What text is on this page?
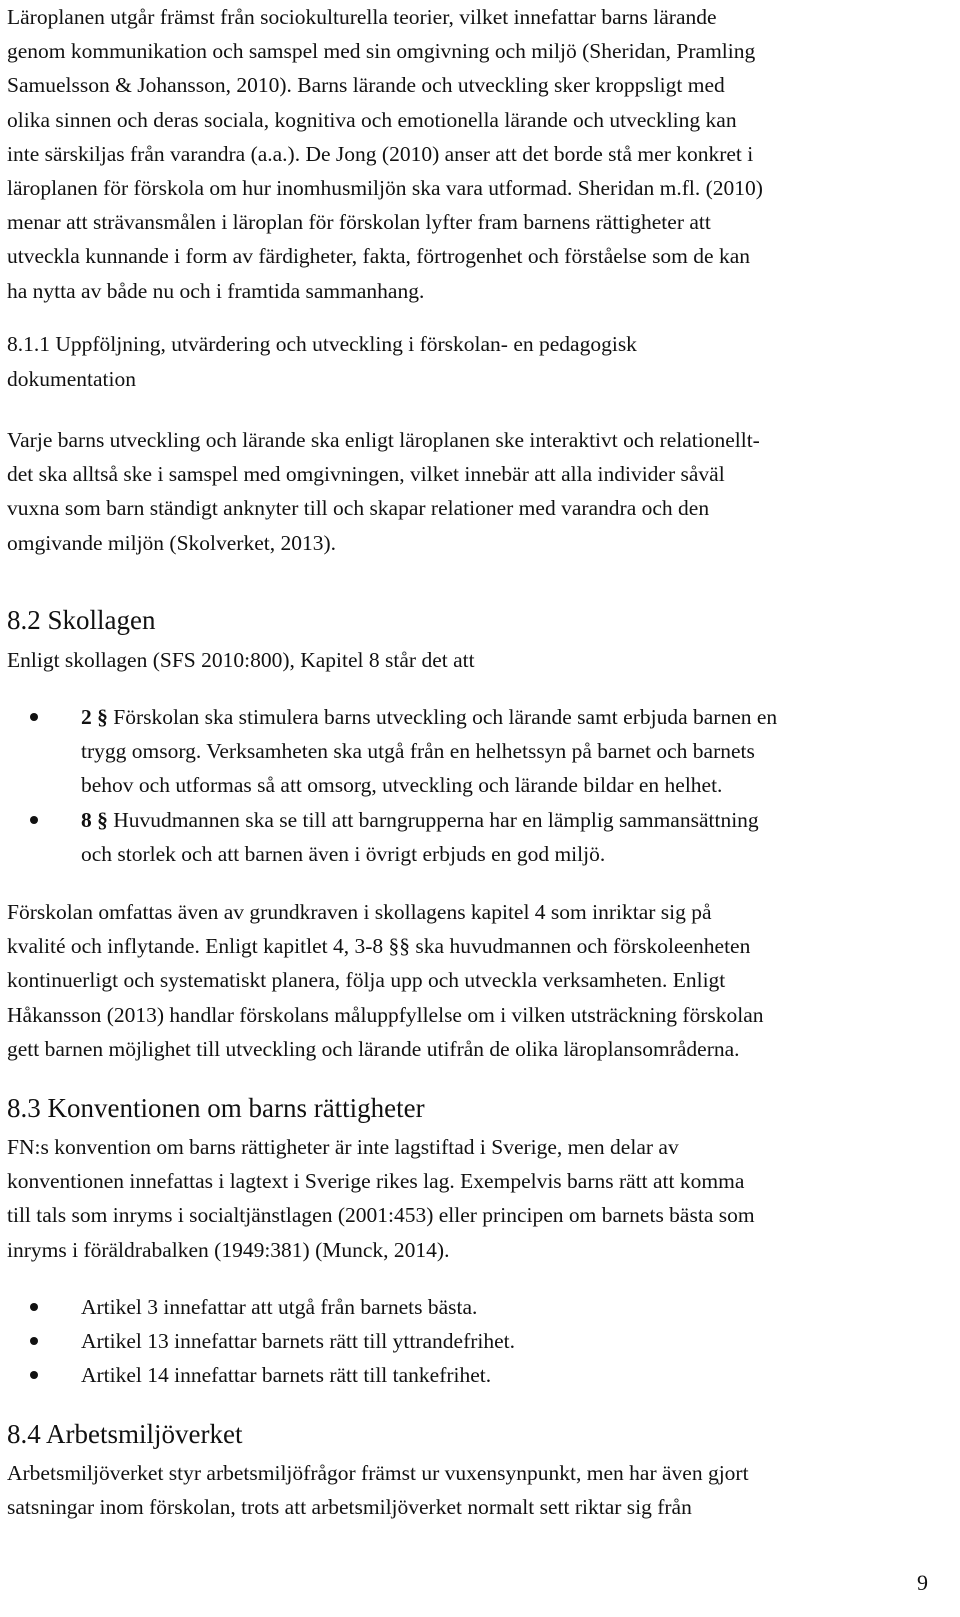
Läroplanen utgår främst från sociokulturella teorier, vilket innefattar barns lärande
genom kommunikation och samspel med sin omgivning och miljö (Sheridan, Pramling
Samuelsson & Johansson, 2010). Barns lärande och utveckling sker kroppsligt med
olika sinnen och deras sociala, kognitiva och emotionella lärande och utveckling kan
inte särskiljas från varandra (a.a.). De Jong (2010) anser att det borde stå mer konkret i
läroplanen för förskola om hur inomhusmiljön ska vara utformad. Sheridan m.fl. (2010)
menar att strävansmålen i läroplan för förskolan lyfter fram barnens rättigheter att
utveckla kunnande i form av färdigheter, fakta, förtrogenhet och förståelse som de kan
ha nytta av både nu och i framtida sammanhang.

8.1.1 Uppföljning, utvärdering och utveckling i förskolan- en pedagogisk
dokumentation

Varje barns utveckling och lärande ska enligt läroplanen ske interaktivt och relationellt-
det ska alltså ske i samspel med omgivningen, vilket innebär att alla individer såväl
vuxna som barn ständigt anknyter till och skapar relationer med varandra och den
omgivande miljön (Skolverket, 2013).

8.2 Skollagen

Enligt skollagen (SFS 2010:800), Kapitel 8 står det att

2 § Förskolan ska stimulera barns utveckling och lärande samt erbjuda barnen en
trygg omsorg. Verksamheten ska utgå från en helhetssyn på barnet och barnets
behov och utformas så att omsorg, utveckling och lärande bildar en helhet.
8 § Huvudmannen ska se till att barngrupperna har en lämplig sammansättning
och storlek och att barnen även i övrigt erbjuds en god miljö.

Förskolan omfattas även av grundkraven i skollagens kapitel 4 som inriktar sig på
kvalité och inflytande. Enligt kapitlet 4, 3-8 §§ ska huvudmannen och förskoleenheten
kontinuerligt och systematiskt planera, följa upp och utveckla verksamheten. Enligt
Håkansson (2013) handlar förskolans måluppfyllelse om i vilken utsträckning förskolan
gett barnen möjlighet till utveckling och lärande utifrån de olika läroplansområderna.

8.3 Konventionen om barns rättigheter

FN:s konvention om barns rättigheter är inte lagstiftad i Sverige, men delar av
konventionen innefattas i lagtext i Sverige rikes lag. Exempelvis barns rätt att komma
till tals som inryms i socialtjänstlagen (2001:453) eller principen om barnets bästa som
inryms i föräldrabalken (1949:381) (Munck, 2014).

Artikel 3 innefattar att utgå från barnets bästa.
Artikel 13 innefattar barnets rätt till yttrandefrihet.
Artikel 14 innefattar barnets rätt till tankefrihet.
8.4 Arbetsmiljöverket

Arbetsmiljöverket styr arbetsmiljöfrågor främst ur vuxensynpunkt, men har även gjort
satsningar inom förskolan, trots att arbetsmiljöverket normalt sett riktar sig från

9
